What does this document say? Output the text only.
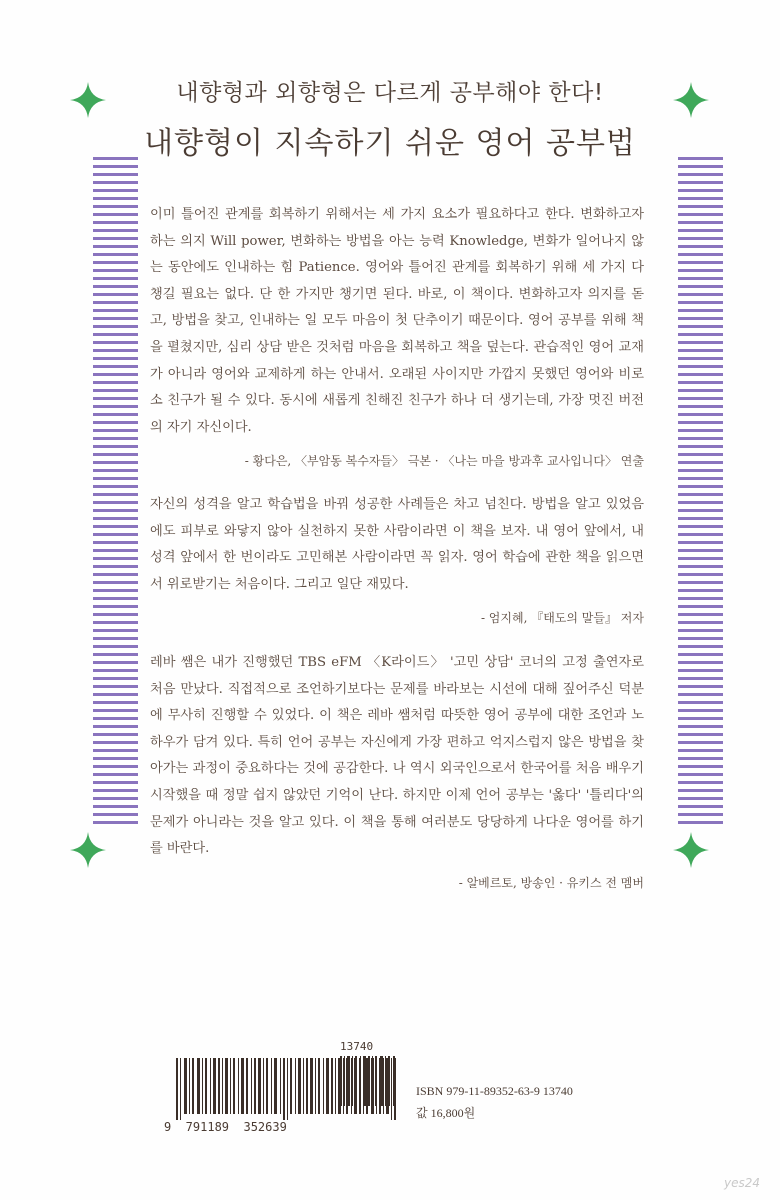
내향형과 외향형은 다르게 공부해야 한다!
내향형이 지속하기 쉬운 영어 공부법

이미 틀어진 관계를 회복하기 위해서는 세 가지 요소가 필요하다고 한다. 변화하고자 하는 의지 Will power, 변화하는 방법을 아는 능력 Knowledge, 변화가 일어나지 않는 동안에도 인내하는 힘 Patience. 영어와 틀어진 관계를 회복하기 위해 세 가지 다 챙길 필요는 없다. 단 한 가지만 챙기면 된다. 바로, 이 책이다. 변화하고자 의지를 돋고, 방법을 찾고, 인내하는 일 모두 마음이 첫 단추이기 때문이다. 영어 공부를 위해 책을 펼쳤지만, 심리 상담 받은 것처럼 마음을 회복하고 책을 덮는다. 관습적인 영어 교재가 아니라 영어와 교제하게 하는 안내서. 오래된 사이지만 가깝지 못했던 영어와 비로소 친구가 될 수 있다. 동시에 새롭게 친해진 친구가 하나 더 생기는데, 가장 멋진 버전의 자기 자신이다.

- 황다은, 〈부암동 복수자들〉 극본 · 〈나는 마을 방과후 교사입니다〉 연출

자신의 성격을 알고 학습법을 바꿔 성공한 사례들은 차고 넘친다. 방법을 알고 있었음에도 피부로 와닿지 않아 실천하지 못한 사람이라면 이 책을 보자. 내 영어 앞에서, 내 성격 앞에서 한 번이라도 고민해본 사람이라면 꼭 읽자. 영어 학습에 관한 책을 읽으면서 위로받기는 처음이다. 그리고 일단 재밌다.

- 엄지혜, 『태도의 말들』 저자

레바 쌤은 내가 진행했던 TBS eFM 〈K라이드〉 '고민 상담' 코너의 고정 출연자로 처음 만났다. 직접적으로 조언하기보다는 문제를 바라보는 시선에 대해 짚어주신 덕분에 무사히 진행할 수 있었다. 이 책은 레바 쌤처럼 따뜻한 영어 공부에 대한 조언과 노하우가 담겨 있다. 특히 언어 공부는 자신에게 가장 편하고 억지스럽지 않은 방법을 찾아가는 과정이 중요하다는 것에 공감한다. 나 역시 외국인으로서 한국어를 처음 배우기 시작했을 때 정말 쉽지 않았던 기억이 난다. 하지만 이제 언어 공부는 '옳다' '틀리다'의 문제가 아니라는 것을 알고 있다. 이 책을 통해 여러분도 당당하게 나다운 영어를 하기를 바란다.

- 알베르토, 방송인 · 유키스 전 멤버
13740
9  791189  352639
ISBN 979-11-89352-63-9 13740
값 16,800원
yes24
